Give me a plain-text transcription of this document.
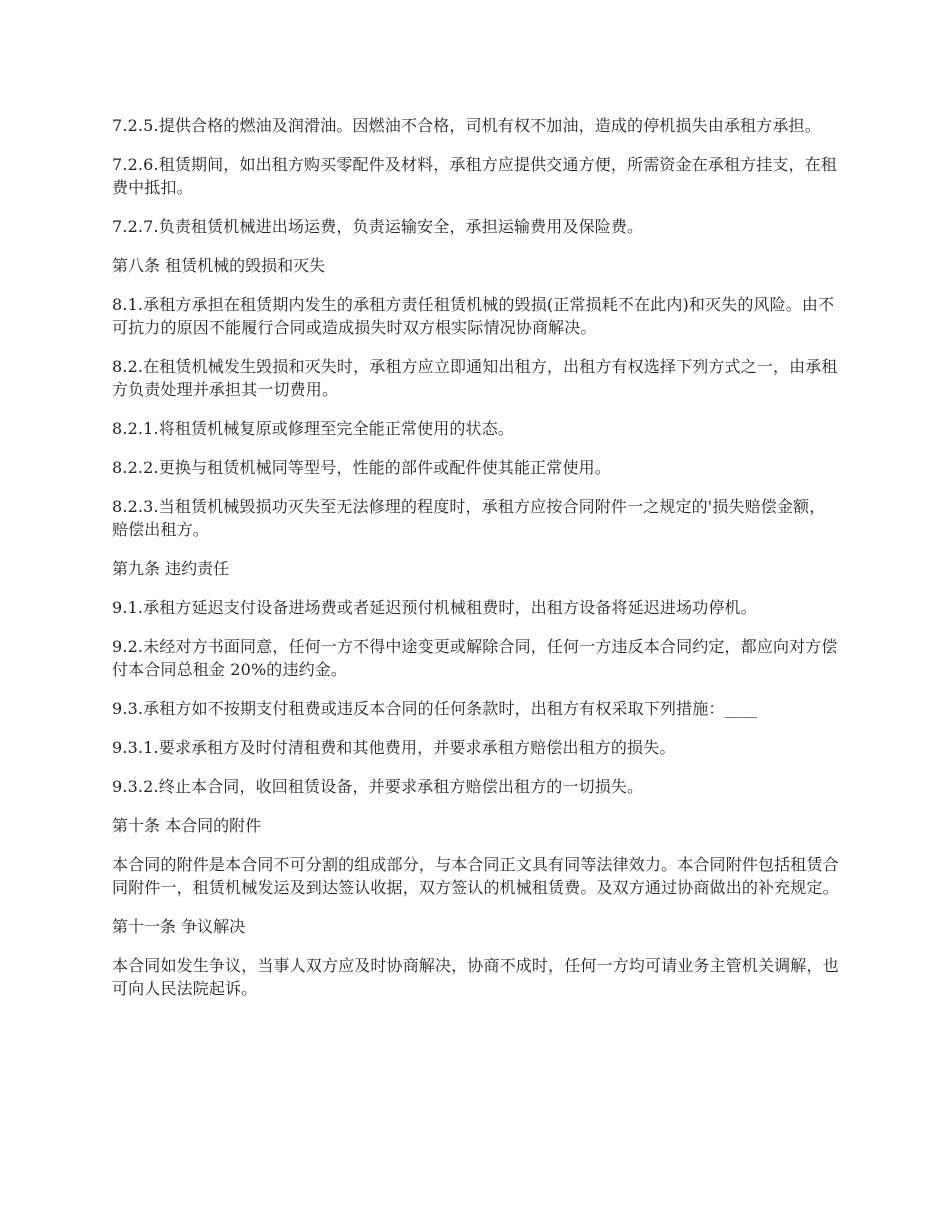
7.2.5.提供合格的燃油及润滑油。因燃油不合格，司机有权不加油，造成的停机损失由承租方承担。

7.2.6.租赁期间，如出租方购买零配件及材料，承租方应提供交通方便，所需资金在承租方挂支，在租费中抵扣。

7.2.7.负责租赁机械进出场运费，负责运输安全，承担运输费用及保险费。

第八条 租赁机械的毁损和灭失

8.1.承租方承担在租赁期内发生的承租方责任租赁机械的毁损(正常损耗不在此内)和灭失的风险。由不可抗力的原因不能履行合同或造成损失时双方根实际情况协商解决。

8.2.在租赁机械发生毁损和灭失时，承租方应立即通知出租方，出租方有权选择下列方式之一，由承租方负责处理并承担其一切费用。

8.2.1.将租赁机械复原或修理至完全能正常使用的状态。

8.2.2.更换与租赁机械同等型号，性能的部件或配件使其能正常使用。

8.2.3.当租赁机械毁损功灭失至无法修理的程度时，承租方应按合同附件一之规定的'损失赔偿金额，赔偿出租方。

第九条 违约责任

9.1.承租方延迟支付设备进场费或者延迟预付机械租费时，出租方设备将延迟进场功停机。

9.2.未经对方书面同意，任何一方不得中途变更或解除合同，任何一方违反本合同约定，都应向对方偿付本合同总租金 20%的违约金。

9.3.承租方如不按期支付租费或违反本合同的任何条款时，出租方有权采取下列措施：____

9.3.1.要求承租方及时付清租费和其他费用，并要求承租方赔偿出租方的损失。

9.3.2.终止本合同，收回租赁设备，并要求承租方赔偿出租方的一切损失。

第十条 本合同的附件

本合同的附件是本合同不可分割的组成部分，与本合同正文具有同等法律效力。本合同附件包括租赁合同附件一，租赁机械发运及到达签认收据，双方签认的机械租赁费。及双方通过协商做出的补充规定。

第十一条 争议解决

本合同如发生争议，当事人双方应及时协商解决，协商不成时，任何一方均可请业务主管机关调解，也可向人民法院起诉。
